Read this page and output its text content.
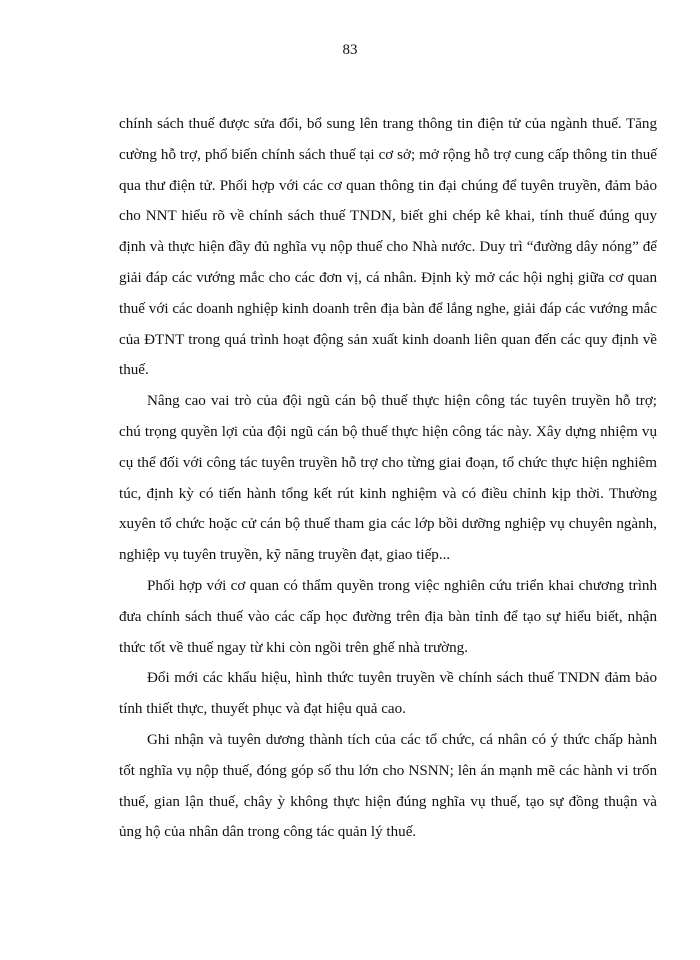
83

chính sách thuế được sửa đổi, bổ sung lên trang thông tin điện tử của ngành thuế. Tăng cường hỗ trợ, phổ biến chính sách thuế tại cơ sở; mở rộng hỗ trợ cung cấp thông tin thuế qua thư điện tử. Phối hợp với các cơ quan thông tin đại chúng để tuyên truyền, đảm bảo cho NNT hiểu rõ về chính sách thuế TNDN, biết ghi chép kê khai, tính thuế đúng quy định và thực hiện đầy đủ nghĩa vụ nộp thuế cho Nhà nước. Duy trì “đường dây nóng” để giải đáp các vướng mắc cho các đơn vị, cá nhân. Định kỳ mở các hội nghị giữa cơ quan thuế với các doanh nghiệp kinh doanh trên địa bàn để lắng nghe, giải đáp các vướng mắc của ĐTNT trong quá trình hoạt động sản xuất kinh doanh liên quan đến các quy định về thuế.

Nâng cao vai trò của đội ngũ cán bộ thuế thực hiện công tác tuyên truyền hỗ trợ; chú trọng quyền lợi của đội ngũ cán bộ thuế thực hiện công tác này. Xây dựng nhiệm vụ cụ thể đối với công tác tuyên truyền hỗ trợ cho từng giai đoạn, tổ chức thực hiện nghiêm túc, định kỳ có tiến hành tổng kết rút kinh nghiệm và có điều chỉnh kịp thời. Thường xuyên tổ chức hoặc cử cán bộ thuế tham gia các lớp bồi dưỡng nghiệp vụ chuyên ngành, nghiệp vụ tuyên truyền, kỹ năng truyền đạt, giao tiếp...

Phối hợp với cơ quan có thẩm quyền trong việc nghiên cứu triển khai chương trình đưa chính sách thuế vào các cấp học đường trên địa bàn tỉnh để tạo sự hiểu biết, nhận thức tốt về thuế ngay từ khi còn ngồi trên ghế nhà trường.

Đổi mới các khẩu hiệu, hình thức tuyên truyền về chính sách thuế TNDN đảm bảo tính thiết thực, thuyết phục và đạt hiệu quả cao.

Ghi nhận và tuyên dương thành tích của các tổ chức, cá nhân có ý thức chấp hành tốt nghĩa vụ nộp thuế, đóng góp số thu lớn cho NSNN; lên án mạnh mẽ các hành vi trốn thuế, gian lận thuế, chây ỳ không thực hiện đúng nghĩa vụ thuế, tạo sự đồng thuận và ủng hộ của nhân dân trong công tác quản lý thuế.
